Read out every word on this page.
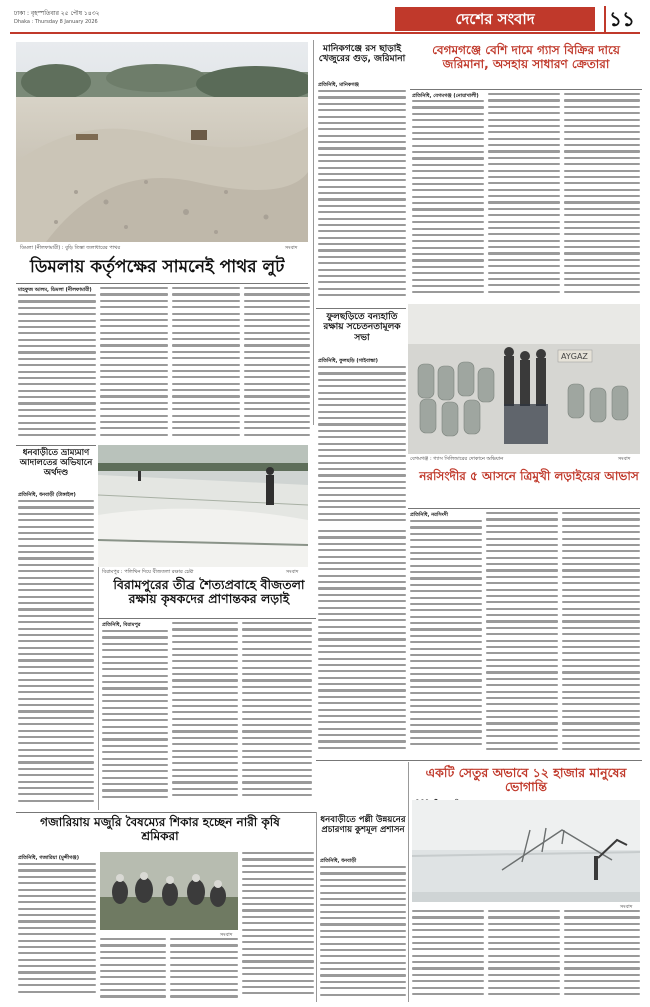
ঢাকা : বৃহস্পতিবার ২৫ পৌষ ১৪৩২
Dhaka : Thursday 8 January 2026	দেশের সংবাদ	১১
ডিমলা (নীলফামারী) : বুড়ি তিস্তা জলাধারের পাথর	সংবাদ
ডিমলায় কর্তৃপক্ষের সামনেই পাথর লুট
মাহফুজ আলম, ডিমলা (নীলফামারী)
মানিকগঞ্জে রস ছাড়াই খেজুরের গুড়, জরিমানা
প্রতিনিধি, মানিকগঞ্জ
বেগমগঞ্জে বেশি দামে গ্যাস বিক্রির দায়ে জরিমানা, অসহায় সাধারণ ক্রেতারা
প্রতিনিধি, বেগমগঞ্জ (নোয়াখালী)
ফুলছড়িতে বন্যহাতি রক্ষায় সচেতনতামূলক সভা
প্রতিনিধি, ফুলছড়ি (গাইবান্ধা)	AYGAZ
বেগমগঞ্জ : গ্যাস সিলিন্ডারের দোকানে অভিযান	সংবাদ
ধনবাড়ীতে ভ্রাম্যমাণ আদালতের অভিযানে অর্থদণ্ড
প্রতিনিধি, ধনবাড়ী (টাঙ্গাইল)
বিরামপুর : পলিথিন দিয়ে বীজতলা রক্ষার চেষ্টা	সংবাদ
নরসিংদীর ৫ আসনে ত্রিমুখী লড়াইয়ের আভাস
প্রতিনিধি, নরসিংদী
বিরামপুরের তীব্র শৈত্যপ্রবাহে বীজতলা রক্ষায় কৃষকদের প্রাণান্তকর লড়াই
প্রতিনিধি, বিরামপুর
একটি সেতুর অভাবে ১২ হাজার মানুষের ভোগান্তি
গজারিয়ায় মজুরি বৈষম্যের শিকার হচ্ছেন নারী কৃষি শ্রমিকরা
প্রতিনিধি, গজারিয়া (মুন্সীগঞ্জ)
সংবাদ
ধনবাড়ীতে পল্লী উন্নয়নের প্রচারণায় কুশমূল প্রশাসন
প্রতিনিধি, ধনবাড়ী
সংবাদ
